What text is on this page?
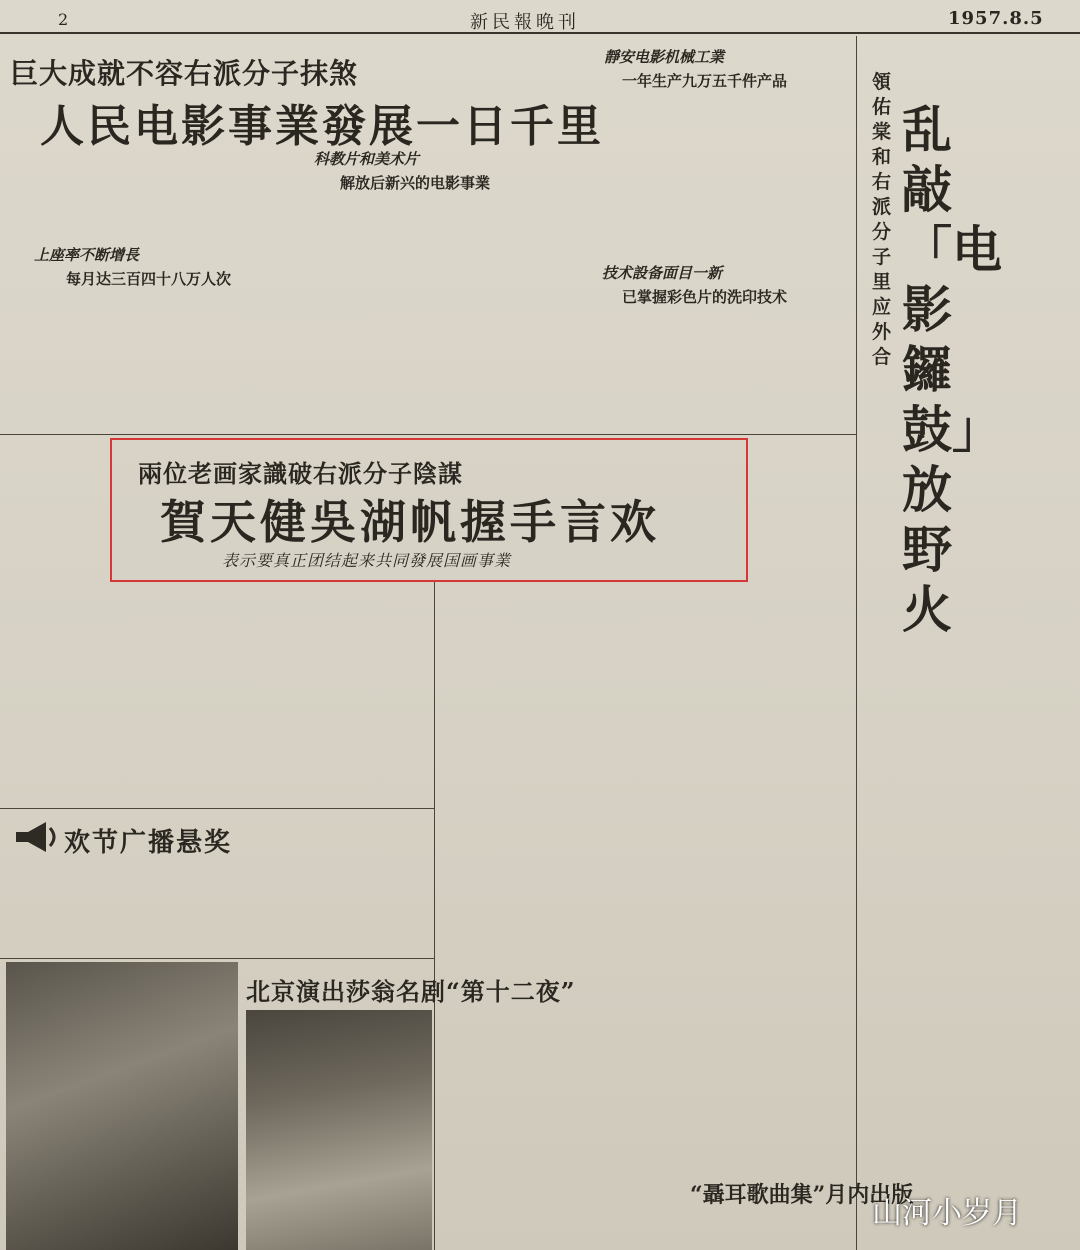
2	新民報晚刊	1957.8.5
巨大成就不容右派分子抹煞
人民电影事業發展一日千里
上座率不断增長
每月达三百四十八万人次
科教片和美术片
解放后新兴的电影事業
靜安电影机械工業
一年生产九万五千件产品
技术設备面目一新
已掌握彩色片的洗印技术
領佑棠和右派分子里应外合
乱敲「电影鑼鼓」放野火
兩位老画家識破右派分子陰謀
賀天健吳湖帆握手言欢
表示要真正团结起来共同發展国画事業
欢节广播悬奖
北京演出莎翁名剧“第十二夜”
“聶耳歌曲集”月内出版
山河小岁月
